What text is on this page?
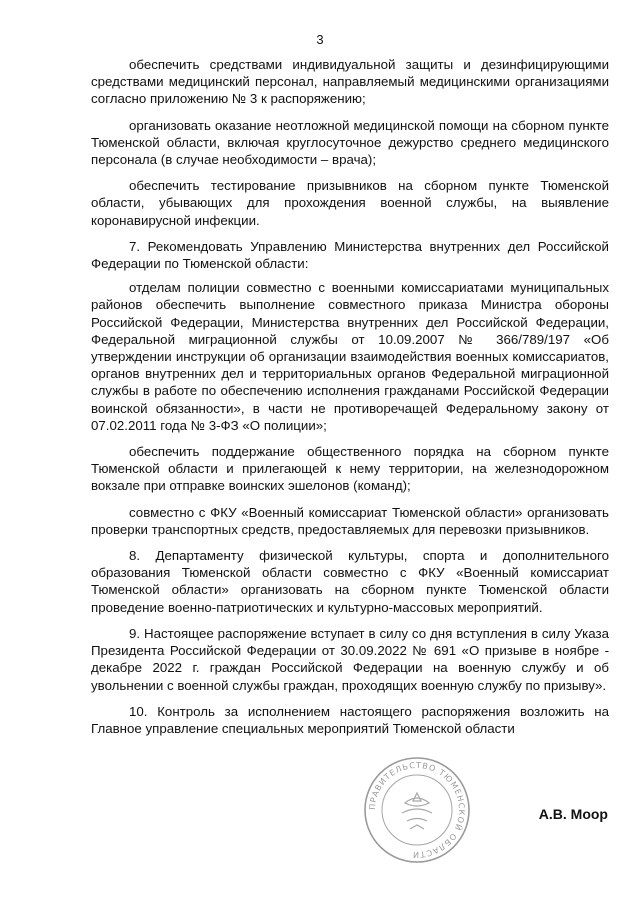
3

обеспечить средствами индивидуальной защиты и дезинфицирующими средствами медицинский персонал, направляемый медицинскими организациями согласно приложению № 3 к распоряжению;

организовать оказание неотложной медицинской помощи на сборном пункте Тюменской области, включая круглосуточное дежурство среднего медицинского персонала (в случае необходимости – врача);

обеспечить тестирование призывников на сборном пункте Тюменской области, убывающих для прохождения военной службы, на выявление коронавирусной инфекции.

7. Рекомендовать Управлению Министерства внутренних дел Российской Федерации по Тюменской области:

отделам полиции совместно с военными комиссариатами муниципальных районов обеспечить выполнение совместного приказа Министра обороны Российской Федерации, Министерства внутренних дел Российской Федерации, Федеральной миграционной службы от 10.09.2007 № 366/789/197 «Об утверждении инструкции об организации взаимодействия военных комиссариатов, органов внутренних дел и территориальных органов Федеральной миграционной службы в работе по обеспечению исполнения гражданами Российской Федерации воинской обязанности», в части не противоречащей Федеральному закону от 07.02.2011 года № 3-ФЗ «О полиции»;

обеспечить поддержание общественного порядка на сборном пункте Тюменской области и прилегающей к нему территории, на железнодорожном вокзале при отправке воинских эшелонов (команд);

совместно с ФКУ «Военный комиссариат Тюменской области» организовать проверки транспортных средств, предоставляемых для перевозки призывников.

8. Департаменту физической культуры, спорта и дополнительного образования Тюменской области совместно с ФКУ «Военный комиссариат Тюменской области» организовать на сборном пункте Тюменской области проведение военно-патриотических и культурно-массовых мероприятий.

9. Настоящее распоряжение вступает в силу со дня вступления в силу Указа Президента Российской Федерации от 30.09.2022 № 691 «О призыве в ноябре - декабре 2022 г. граждан Российской Федерации на военную службу и об увольнении с военной службы граждан, проходящих военную службу по призыву».

10. Контроль за исполнением настоящего распоряжения возложить на Главное управление специальных мероприятий Тюменской области

ПРАВИТЕЛЬСТВО ТЮМЕНСКОЙ ОБЛАСТИ
А.В. Моор
